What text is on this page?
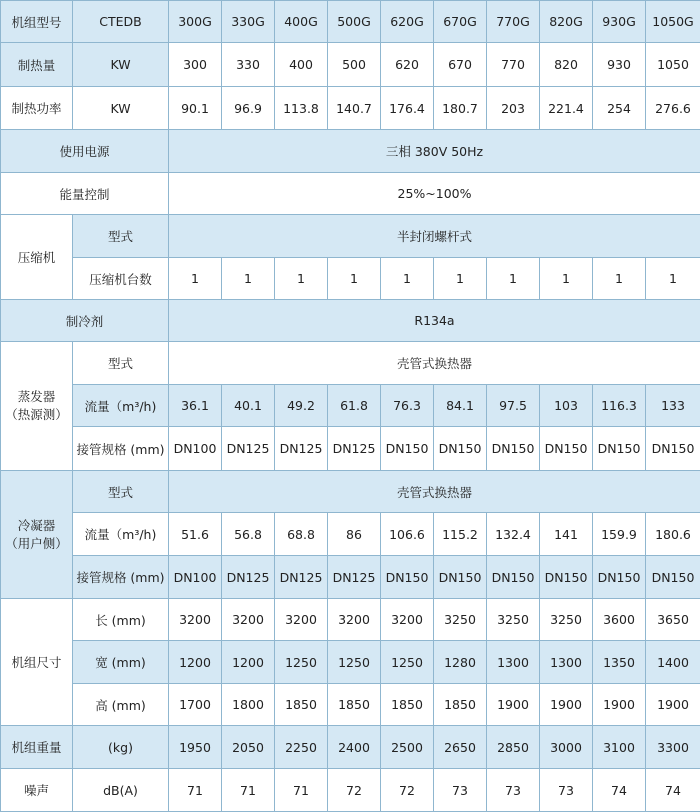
机组型号	CTEDB	300G	330G	400G	500G	620G	670G	770G	820G	930G	1050G
制热量	KW	300	330	400	500	620	670	770	820	930	1050
制热功率	KW	90.1	96.9	113.8	140.7	176.4	180.7	203	221.4	254	276.6
使用电源		三相 380V 50Hz									
能量控制		25%~100%									
压缩机	型式	半封闭螺杆式									
	压缩机台数	1	1	1	1	1	1	1	1	1	1
制冷剂		R134a									

蒸发器
（热源测）	型式	壳管式换热器									
	流量（m³/h)	36.1	40.1	49.2	61.8	76.3	84.1	97.5	103	116.3	133
	接管规格 (mm)	DN100	DN125	DN125	DN125	DN150	DN150	DN150	DN150	DN150	DN150

冷凝器
（用户侧）	型式	壳管式换热器									
	流量（m³/h)	51.6	56.8	68.8	86	106.6	115.2	132.4	141	159.9	180.6
	接管规格 (mm)	DN100	DN125	DN125	DN125	DN150	DN150	DN150	DN150	DN150	DN150
机组尺寸	长 (mm)	3200	3200	3200	3200	3200	3250	3250	3250	3600	3650
	宽 (mm)	1200	1200	1250	1250	1250	1280	1300	1300	1350	1400
	高 (mm)	1700	1800	1850	1850	1850	1850	1900	1900	1900	1900
机组重量	(kg)	1950	2050	2250	2400	2500	2650	2850	3000	3100	3300
噪声	dB(A)	71	71	71	72	72	73	73	73	74	74
